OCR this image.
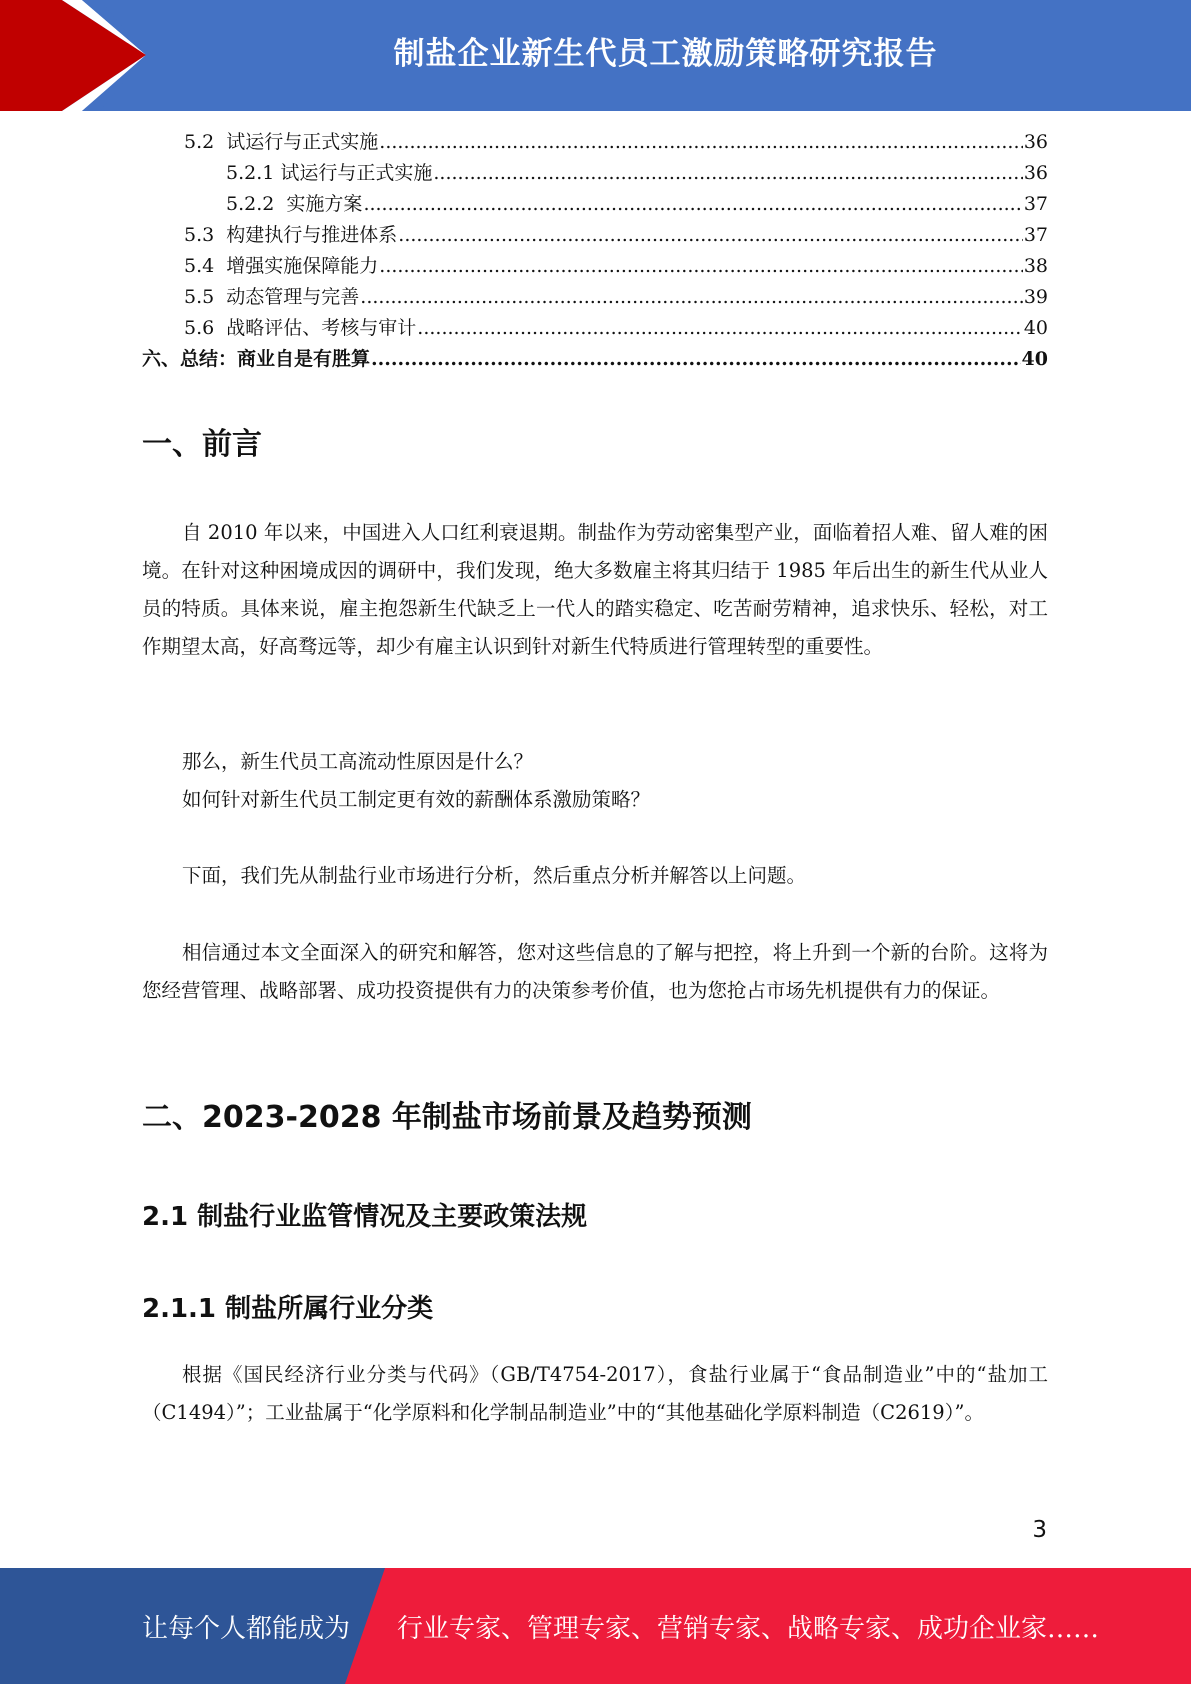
制盐企业新生代员工激励策略研究报告
5.2  试运行与正式实施 .....	36
5.2.1 试运行与正式实施 .....	36
5.2.2  实施方案 .....	37
5.3  构建执行与推进体系 .....	37
5.4  增强实施保障能力 .....	38
5.5  动态管理与完善 .....	39
5.6  战略评估、考核与审计 .....	40
六、总结：商业自是有胜算 .....	40
一、前言

自 2010 年以来，中国进入人口红利衰退期。制盐作为劳动密集型产业，面临着招人难、留人难的困境。在针对这种困境成因的调研中，我们发现，绝大多数雇主将其归结于 1985 年后出生的新生代从业人员的特质。具体来说，雇主抱怨新生代缺乏上一代人的踏实稳定、吃苦耐劳精神，追求快乐、轻松，对工作期望太高，好高骛远等，却少有雇主认识到针对新生代特质进行管理转型的重要性。

那么，新生代员工高流动性原因是什么？

如何针对新生代员工制定更有效的薪酬体系激励策略？

下面，我们先从制盐行业市场进行分析，然后重点分析并解答以上问题。

相信通过本文全面深入的研究和解答，您对这些信息的了解与把控，将上升到一个新的台阶。这将为您经营管理、战略部署、成功投资提供有力的决策参考价值，也为您抢占市场先机提供有力的保证。

二、2023-2028 年制盐市场前景及趋势预测
2.1 制盐行业监管情况及主要政策法规
2.1.1 制盐所属行业分类

根据《国民经济行业分类与代码》（GB/T4754-2017），食盐行业属于“食品制造业”中的“盐加工（C1494）”；工业盐属于“化学原料和化学制品制造业”中的“其他基础化学原料制造（C2619）”。

3
让每个人都能成为 行业专家、管理专家、营销专家、战略专家、成功企业家……
